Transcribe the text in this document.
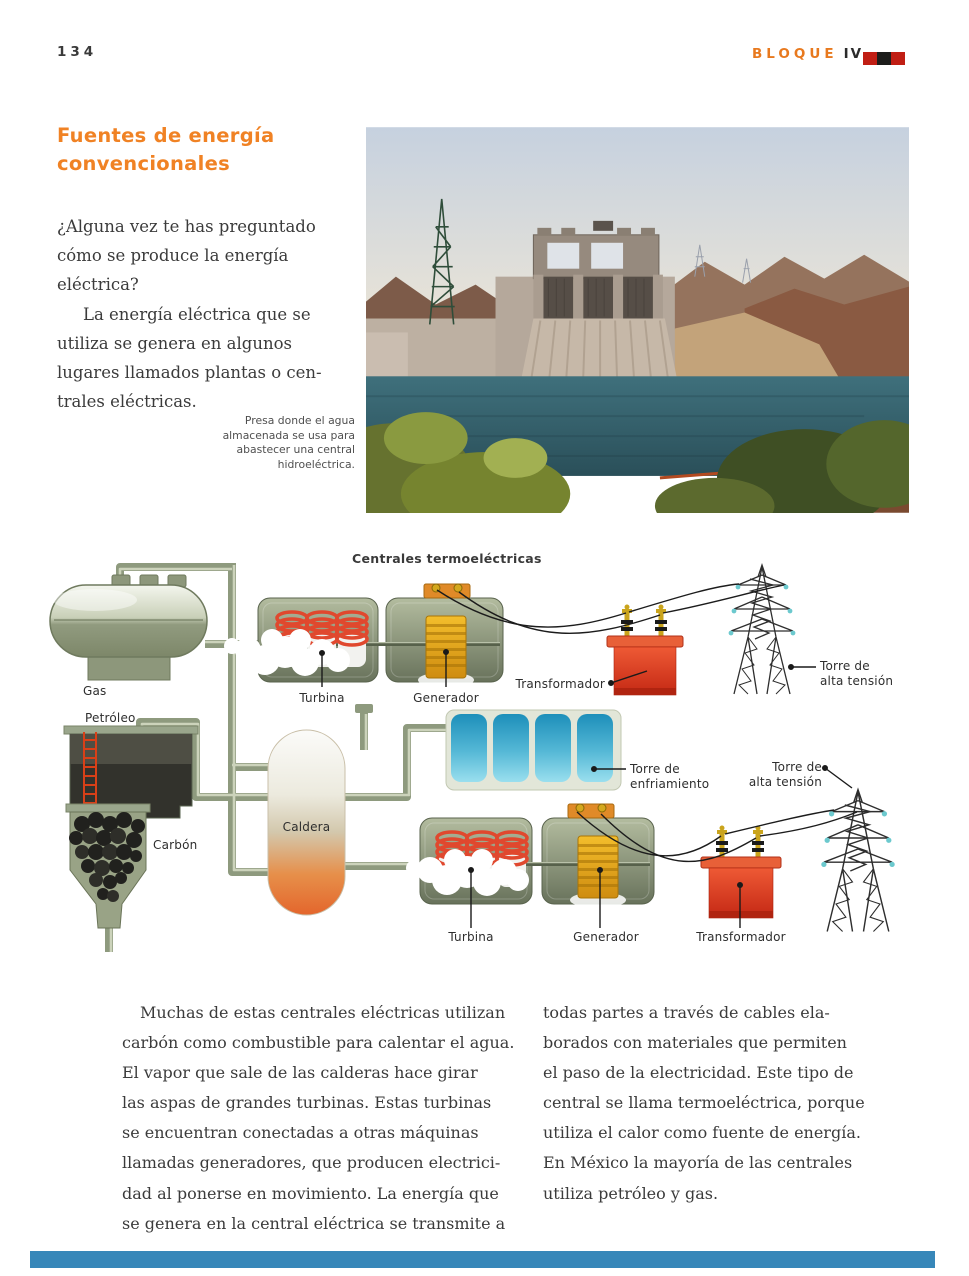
134	BLOQUE IV
Fuentes de energía
convencionales
¿Alguna vez te has preguntado
cómo se produce la energía
eléctrica?
La energía eléctrica que se
utiliza se genera en algunos
lugares llamados plantas o cen-
trales eléctricas.
Presa donde el agua
almacenada se usa para
abastecer una central
hidroeléctrica.
Centrales termoeléctricas
Gas
Petróleo
Carbón
Caldera
Turbina	Generador
Transformador
Torre de
alta tensión
Torre de
enfriamiento
Torre de
alta tensión
Turbina	Generador	Transformador
Muchas de estas centrales eléctricas utilizan
carbón como combustible para calentar el agua.
El vapor que sale de las calderas hace girar
las aspas de grandes turbinas. Estas turbinas
se encuentran conectadas a otras máquinas
llamadas generadores, que producen electrici-
dad al ponerse en movimiento. La energía que
se genera en la central eléctrica se transmite a
todas partes a través de cables ela-
borados con materiales que permiten
el paso de la electricidad. Este tipo de
central se llama termoeléctrica, porque
utiliza el calor como fuente de energía.
En México la mayoría de las centrales
utiliza petróleo y gas.
